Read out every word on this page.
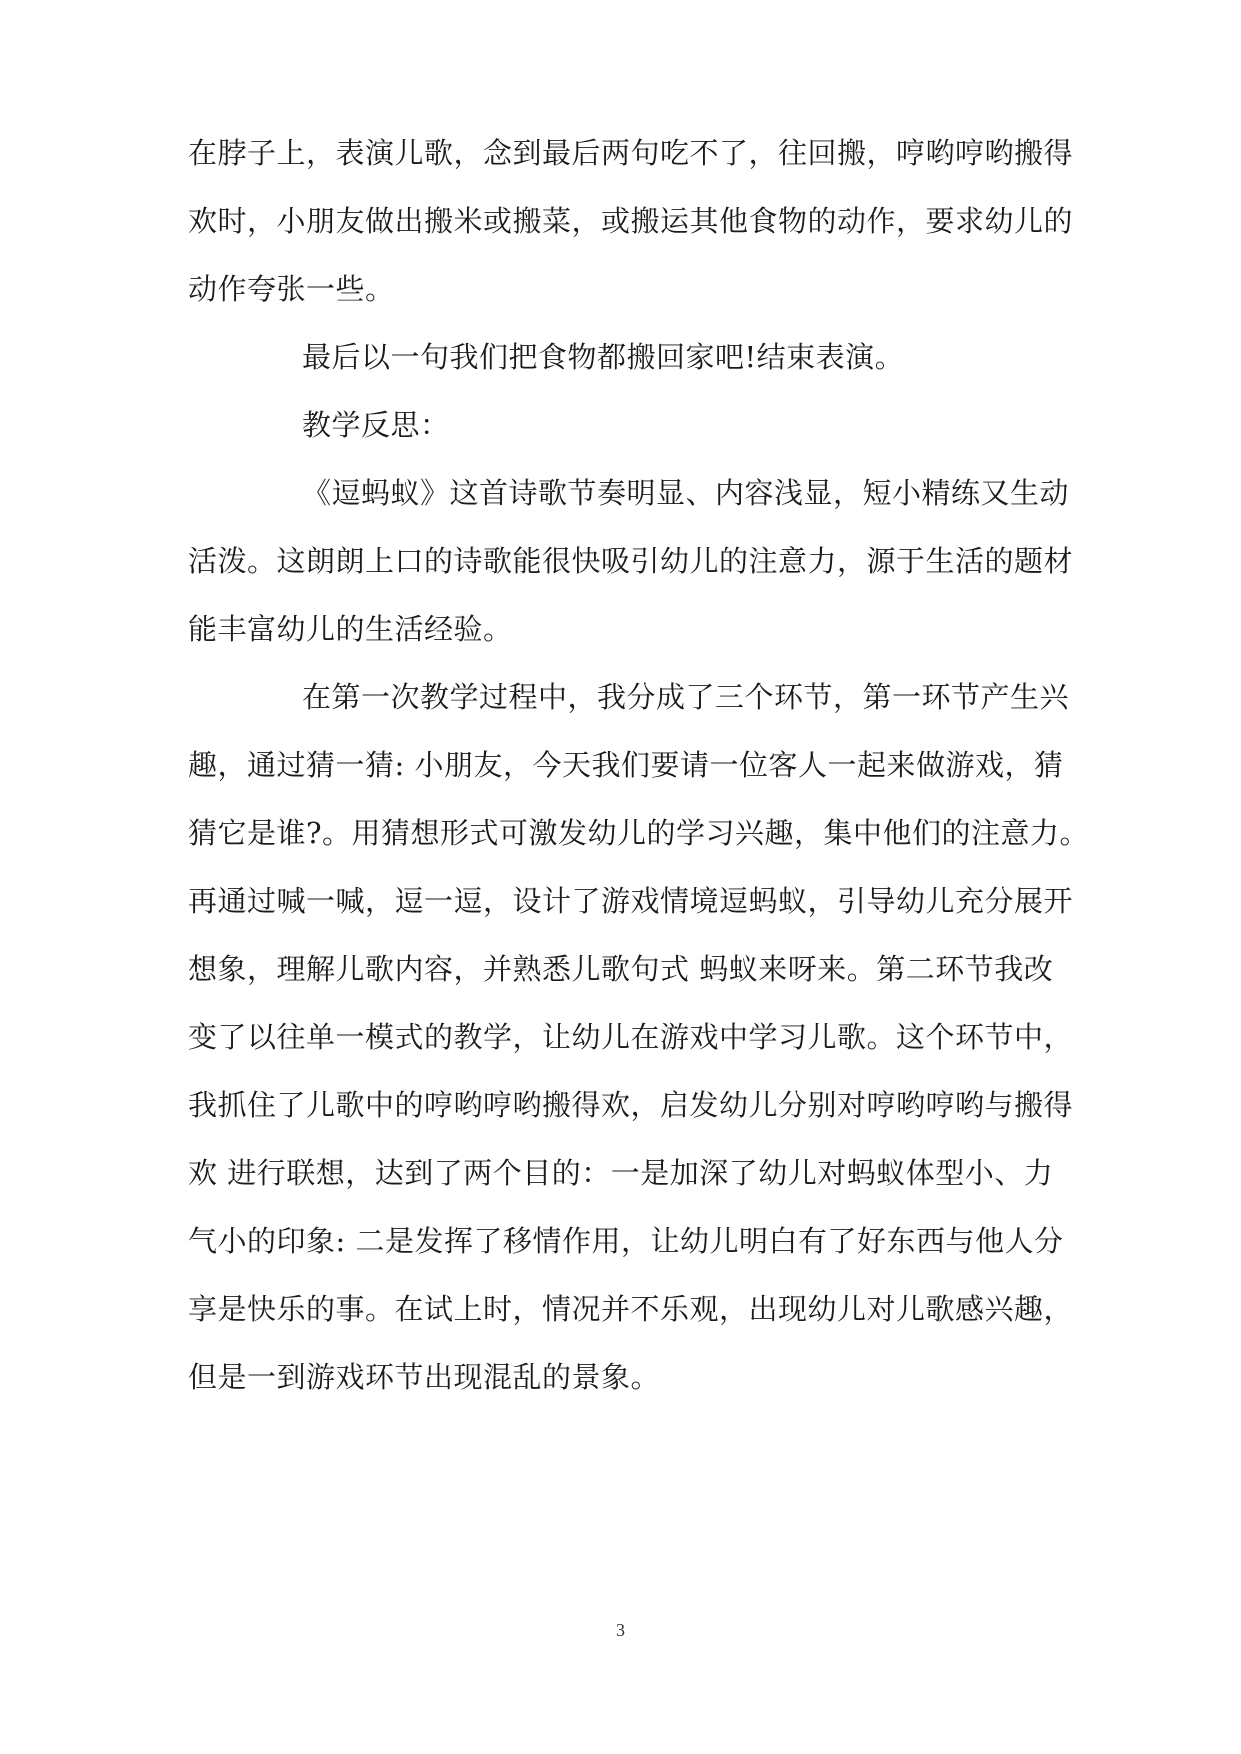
在脖子上，表演儿歌，念到最后两句吃不了，往回搬，哼哟哼哟搬得
欢时，小朋友做出搬米或搬菜，或搬运其他食物的动作，要求幼儿的
动作夸张一些。
最后以一句我们把食物都搬回家吧!结束表演。
教学反思：
《逗蚂蚁》这首诗歌节奏明显、内容浅显，短小精练又生动
活泼。这朗朗上口的诗歌能很快吸引幼儿的注意力，源于生活的题材
能丰富幼儿的生活经验。
在第一次教学过程中，我分成了三个环节，第一环节产生兴
趣，通过猜一猜: 小朋友，今天我们要请一位客人一起来做游戏，猜
猜它是谁?。用猜想形式可激发幼儿的学习兴趣，集中他们的注意力。
再通过喊一喊，逗一逗，设计了游戏情境逗蚂蚁，引导幼儿充分展开
想象，理解儿歌内容，并熟悉儿歌句式 蚂蚁来呀来。第二环节我改
变了以往单一模式的教学，让幼儿在游戏中学习儿歌。这个环节中，
我抓住了儿歌中的哼哟哼哟搬得欢，启发幼儿分别对哼哟哼哟与搬得
欢 进行联想，达到了两个目的：一是加深了幼儿对蚂蚁体型小、力
气小的印象: 二是发挥了移情作用，让幼儿明白有了好东西与他人分
享是快乐的事。在试上时，情况并不乐观，出现幼儿对儿歌感兴趣，
但是一到游戏环节出现混乱的景象。
3
